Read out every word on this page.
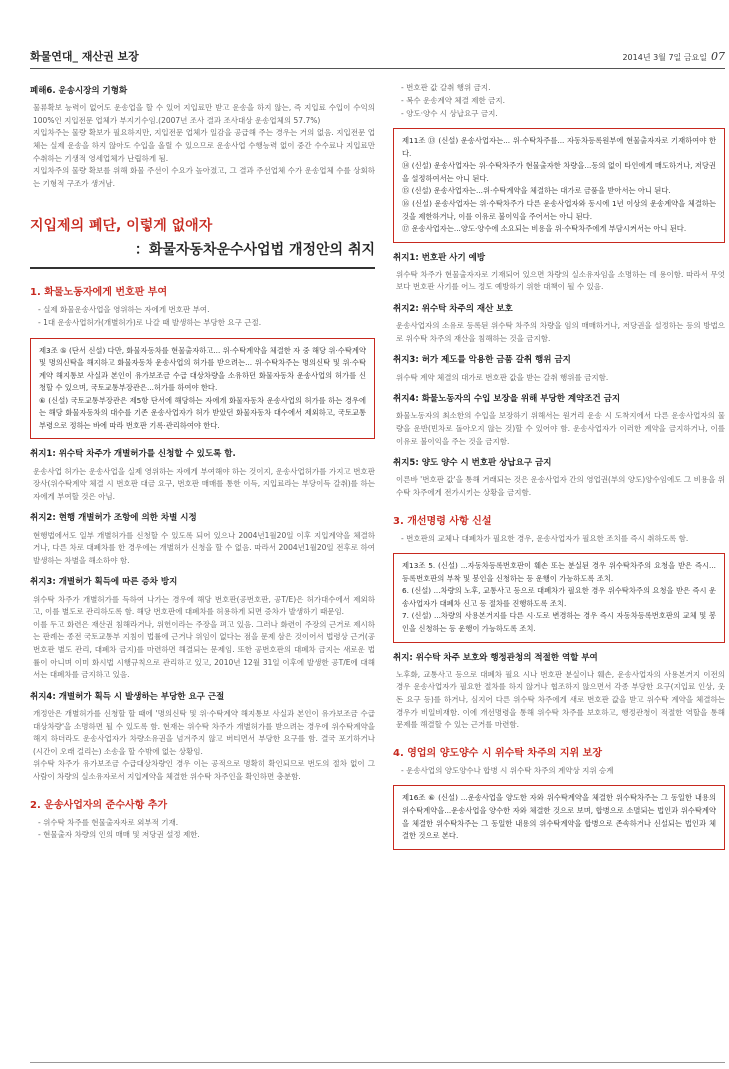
화물연대_ 재산권 보장	2014년 3월 7일 금요일 07
폐해6. 운송시장의 기형화

물류확보 능력이 없어도 운송업을 할 수 있어 지입료만 받고 운송을 하지 않는, 즉 지입료 수입이 수익의 100%인 지입전문 업체가 부지기수임.(2007년 조사 결과 조사대상 운송업체의 57.7%)

지입차주는 물량 확보가 필요하지만, 지입전문 업체가 일감을 공급해 주는 경우는 거의 없음. 지입전문 업체는 실제 운송을 하지 않아도 수입을 올릴 수 있으므로 운송사업 수행능력 없이 중간 수수료나 지입료만 수취하는 기생적 영세업체가 난립하게 됨.

지입차주의 물량 확보를 위해 화물 주선이 수요가 높아졌고, 그 결과 주선업체 수가 운송업체 수를 상회하는 기형적 구조가 생겨남.

지입제의 폐단, 이렇게 없애자
：화물자동차운수사업법 개정안의 취지
1. 화물노동자에게 번호판 부여
- 실제 화물운송사업을 영위하는 자에게 번호판 부여.
- 1대 운송사업허가(개별허가)로 나갈 때 발생하는 부당한 요구 근절.

제3조 ⑤ (단서 신설) 다만, 화물자동차를 현물출자하고... 위·수탁계약을 체결한 자 중 해당 위·수탁계약 및 명의신탁을 해지하고 화물자동차 운송사업의 허가를 받으려는... 위·수탁차주는 명의신탁 및 위·수탁계약 해지통보 사실과 본인이 유가보조금 수급 대상차량을 소유하던 화물자동차 운송사업의 허가를 신청할 수 있으며, 국토교통부장관은...허가를 하여야 한다.

⑥ (신설) 국토교통부장관은 제5항 단서에 해당하는 자에게 화물자동차 운송사업의 허가를 하는 경우에는 해당 화물자동차의 대수를 기존 운송사업자가 허가 받았던 화물자동차 대수에서 제외하고, 국토교통부령으로 정하는 바에 따라 번호판 기록·관리하여야 한다.

취지1: 위수탁 차주가 개별허가를 신청할 수 있도록 함.

운송사업 허가는 운송사업을 실제 영위하는 자에게 부여해야 하는 것이지, 운송사업허가를 가지고 번호판 장사(위수탁계약 체결 시 번호판 대금 요구, 번호판 매매를 통한 이득, 지입료라는 부당이득 갈취)를 하는 자에게 부여할 것은 아님.

취지2: 현행 개별허가 조항에 의한 차별 시정

현행법에서도 일부 개별허가를 신청할 수 있도록 되어 있으나 2004년1월20일 이후 지입계약을 체결하거나, 다른 차로 대폐차를 한 경우에는 개별허가 신청을 할 수 없음. 따라서 2004년1월20일 전후로 하여 발생하는 차별을 해소하야 함.

취지3: 개별허가 획득에 따른 증차 방지

위수탁 차주가 개별허가를 득하여 나가는 경우에 해당 번호판(공번호판, 공T/E)은 허가대수에서 제외하고, 이를 별도로 관리하도록 함. 해당 번호판에 대폐차를 허용하게 되면 증차가 발생하기 때문임.

이를 두고 화련은 재산권 침해라거나, 위헌이라는 주장을 펴고 있음. 그러나 화련이 주장의 근거로 제시하는 판례는 종전 국토교통부 지침이 법률에 근거나 위임이 없다는 점을 문제 삼은 것이어서 법령상 근거(공번호판 별도 관리, 대폐차 금지)를 마련하면 해결되는 문제임. 또한 공번호판의 대폐차 금지는 새로운 법률이 아니며 이미 화시법 시행규칙으로 관리하고 있고, 2010년 12월 31일 이후에 발생한 공T/E에 대해서는 대폐차를 금지하고 있음.

취지4: 개별허가 획득 시 발생하는 부당한 요구 근절

개정안은 개별허가를 신청할 할 때에 '명의신탁 및 위·수탁계약 해지통보 사실과 본인이 유가보조금 수급 대상차량'을 소명하면 될 수 있도록 함. 현재는 위수탁 차주가 개별허가를 받으려는 경우에 위수탁계약을 해지 하더라도 운송사업자가 차량소유권을 넘겨주지 않고 버티면서 부당한 요구를 함. 결국 포기하거나 (시간이 오래 걸리는) 소송을 할 수밖에 없는 상황임.

위수탁 차주가 유가보조금 수급대상차량인 경우 이는 공적으로 명확히 확인되므로 번도의 절차 없이 그 사람이 차량의 실소유자로서 지입계약을 체결한 위수탁 차주인을 확인하면 충분함.

2. 운송사업자의 준수사항 추가
- 위수탁 차주를 현물출자자로 외부적 기재.
- 현물출자 차량의 인의 매매 및 저당권 설정 제한.
- 번호판 값 갈취 행위 금지.
- 복수 운송계약 체결 제한 금지.
- 양도·양수 시 상납요구 금지.

제11조 ⑬ (신설) 운송사업자는... 위·수탁차주를... 자동차등록원부에 현물출자자로 기재하여야 한다.

⑭ (신설) 운송사업자는 위·수탁차주가 현물출자한 차량을...동의 없이 타인에게 매도하거나, 저당권을 설정하여서는 아니 된다.

⑮ (신설) 운송사업자는...위·수탁계약을 체결하는 대가로 금품을 받아서는 아니 된다.

⑯ (신설) 운송사업자는 위·수탁차주가 다른 운송사업자와 동시에 1년 이상의 운송계약을 체결하는 것을 제한하거나, 이를 이유로 불이익을 주어서는 아니 된다.

⑰ 운송사업자는...양도·양수에 소요되는 비용을 위·수탁차주에게 부담시켜서는 아니 된다.

취지1: 번호판 사기 예방

위수탁 차주가 현물출자자로 기재되어 있으면 차량의 실소유자임을 소명하는 데 용이함. 따라서 무엇보다 번호판 사기를 어느 정도 예방하기 위한 대책이 될 수 있음.

취지2: 위수탁 차주의 재산 보호

운송사업자의 소유로 등록된 위수탁 차주의 차량을 임의 매매하거나, 저당권을 설정하는 등의 방법으로 위수탁 차주의 재산을 침해하는 것을 금지함.

취지3: 허가 제도를 악용한 금품 갈취 행위 금지

위수탁 계약 체결의 대가로 번호판 값을 받는 갈취 행위를 금지함.

취지4: 화물노동자의 수입 보장을 위해 부당한 계약조건 금지

화물노동자의 최소한의 수입을 보장하기 위해서는 원거리 운송 시 도착지에서 다른 운송사업자의 물량을 운반(빈차로 돌아오지 않는 것)할 수 있어야 함. 운송사업자가 이러한 계약을 금지하거나, 이를 이유로 불이익을 주는 것을 금지함.

취지5: 양도 양수 시 번호판 상납요구 금지

이른바 '번호판 값'을 통해 거래되는 것은 운송사업자 간의 영업권(부의 양도)양수임에도 그 비용을 위수탁 차주에게 전가시키는 상황을 금지함.

3. 개선명령 사항 신설
- 번호판의 교체나 대폐차가 필요한 경우, 운송사업자가 필요한 조치를 즉시 취하도록 함.

제13조 5. (신설) ...자동차등록번호판이 훼손 또는 분실된 경우 위수탁차주의 요청을 받은 즉시...등록번호판의 부착 및 봉인을 신청하는 등 운행이 가능하도록 조치.

6. (신설) ...차량의 노후, 교통사고 등으로 대폐차가 필요한 경우 위수탁차주의 요청을 받은 즉시 운송사업자가 대폐차 신고 등 절차를 진행하도록 조치.

7. (신설) ...차량의 사용본거지를 다른 시·도로 변경하는 경우 즉시 자동차등록번호판의 교체 및 봉인을 신청하는 등 운행이 가능하도록 조치.

취지: 위수탁 차주 보호와 행정관청의 적절한 역할 부여

노후화, 교통사고 등으로 대폐차 필요 시나 번호판 분실이나 훼손, 운송사업자의 사용본거지 이전의 경우 운송사업자가 필요한 절차를 하지 않거나 협조하지 않으면서 각종 부당한 요구(지입료 인상, 웃돈 요구 등)를 하거나, 심지어 다른 위수탁 차주에게 새로 번호판 값을 받고 위수탁 계약을 체결하는 경우가 비일비재함. 이에 개선명령을 통해 위수탁 차주를 보호하고, 행정관청이 적절한 역할을 통해 문제를 해결할 수 있는 근거를 마련함.

4. 영업의 양도양수 시 위수탁 차주의 지위 보장
- 운송사업의 양도양수나 합병 시 위수탁 차주의 계약상 지위 승계

제16조 ⑥ (신설) ...운송사업을 양도한 자와 위수탁계약을 체결한 위수탁차주는 그 동일한 내용의 위수탁계약을...운송사업을 양수한 자와 체결한 것으로 보며, 합병으로 소멸되는 법인과 위수탁계약을 체결한 위수탁차주는 그 동일한 내용의 위수탁계약을 합병으로 존속하거나 신설되는 법인과 체결한 것으로 본다.
